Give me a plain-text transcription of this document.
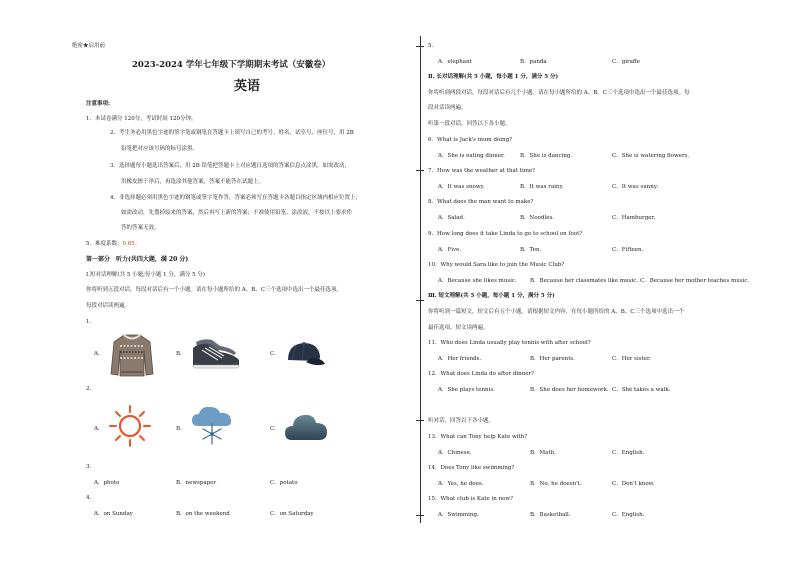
绝密★启用前
2023-2024 学年七年级下学期期末考试（安徽卷）
英语
注意事项:
1．本试卷满分 120分，考试时间 120分钟。
2．考生务必用黑色字迹的签字笔或钢笔在答题卡上填写自己的考号、姓名、试室号、座位号，用 2B
铅笔把对应该号码的标号涂黑。
3．选择题每小题选出答案后，用 2B 铅笔把答题卡上对应题目选项的答案信息点涂黑，如需改动，
用橡皮擦干净后，再选涂其他答案，答案不能答在试题上。
4．非选择题必须用黑色字迹的钢笔或签字笔作答，答案必须写在答题卡各题目指定区域内相应位置上；
如需改动，先划掉原来的答案，然后再写上新的答案；不准使用铅笔、涂改液，不按以上要求作
答的答案无效。
5．难度系数：0.65。
第一部分　听力(共四大题，满 20 分)
Ⅰ.短对话理解(共 5 小题;每小题 1 分，满分 5 分)
你将听到五段对话，每段对话后有一个小题。请在每小题所给的 A、B、C三个选项中选出一个最佳选项。
每段对话读两遍。
1.
A.	B.	C.
2.
A.	B.	C.
3.
A．photo	B．newspaper	C．potato
4.
A．on Sunday	B．on the weekend	C．on Saturday
5.
A．elephant	B．panda	C．giraffe
Ⅱ. 长对话理解(共 5 小题，每小题 1 分，满分 5 分)
你将听到两段对话，每段对话后有几个小题。请在每小题所给的 A、B、C三个选项中选出一个最佳选项。每
段对话读两遍。
听第一段对话，回答以下各小题。
6．What is Jack's mum doing?
A．She is eating dinner.	B．She is dancing.	C．She is watering flowers.
7．How was the weather at that time?
A．It was snowy.	B．It was rainy.	C．It was sunny.
8．What does the man want to make?
A．Salad.	B．Noodles.	C．Hamburger.
9．How long does it take Linda to go to school on foot?
A．Five.	B．Ten.	C．Fifteen.
10．Why would Sara like to join the Music Club?
A．Because she likes music. B．Because her classmates like music. C．Because her mother teaches music.
Ⅲ. 短文理解(共 5 小题，每小题 1 分，满分 5 分)
你将听到一篇短文，短文后有五个小题。请根据短文内容，在每小题所给的 A、B、C三个选项中选出一个
最佳选项。短文读两遍。
11．Who does Linda usually play tennis with after school?
A．Her friends.	B．Her parents.	C．Her sister.
12．What does Linda do after dinner?
A．She plays tennis.	B．She does her homework. C．She takes a walk.
听对话，回答以下各小题。
13．What can Tony help Kate with?
A．Chinese.	B．Math.	C．English.
14．Does Tony like swimming?
A．Yes, he does.	B．No, he doesn't.	C．Don't know.
15．What club is Kate in now?
A．Swimming.	B．Basketball.	C．English.
